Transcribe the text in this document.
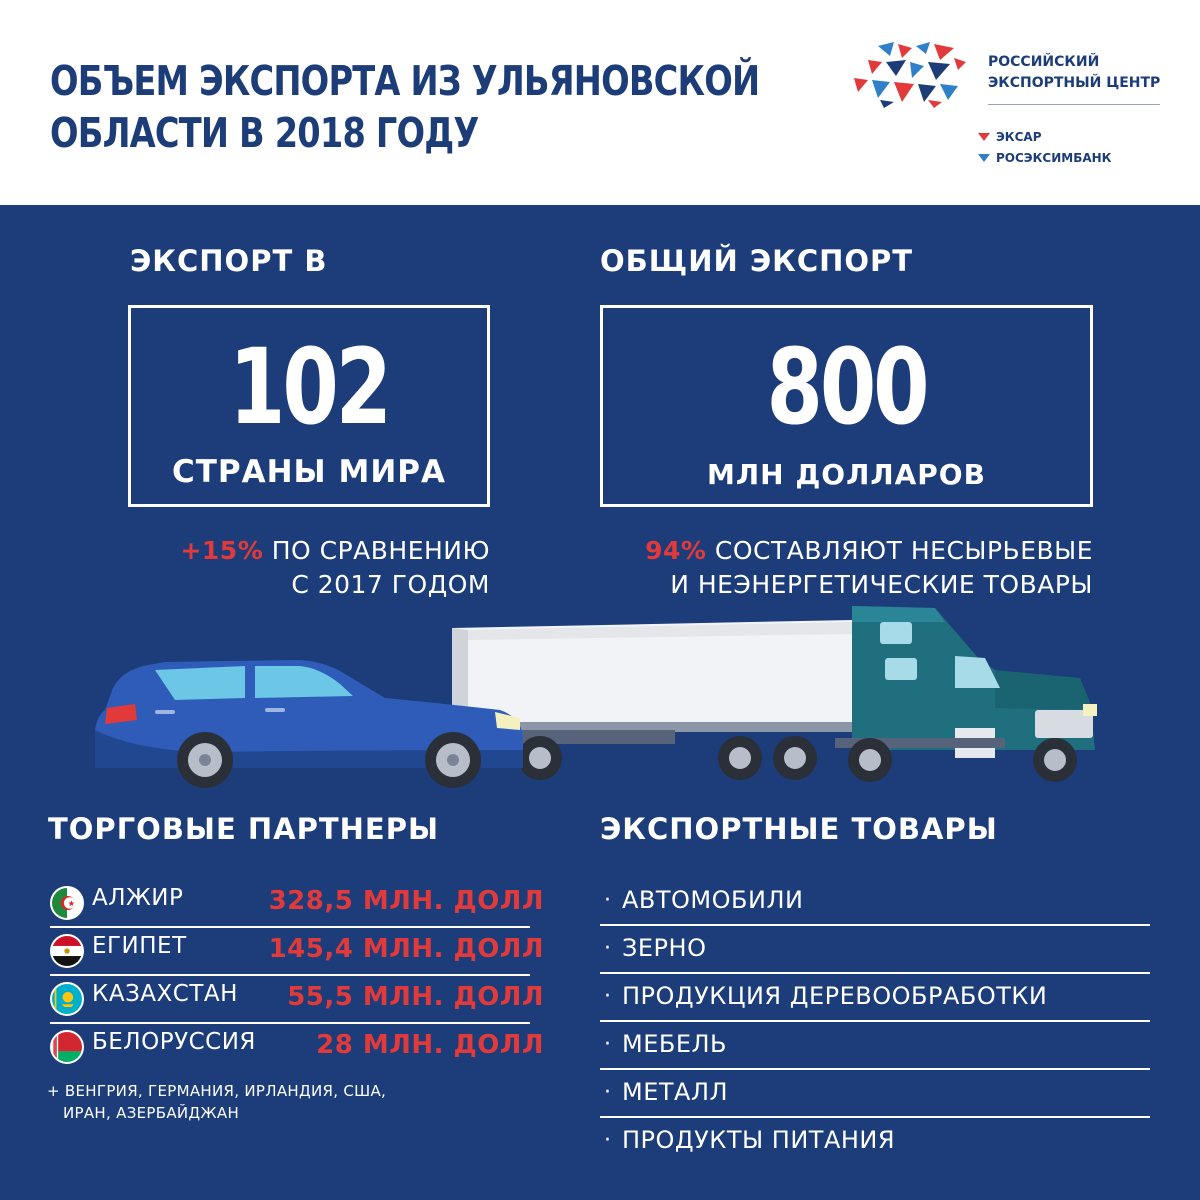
ОБЪЕМ ЭКСПОРТА ИЗ УЛЬЯНОВСКОЙ
ОБЛАСТИ В 2018 ГОДУ
РОССИЙСКИЙ
ЭКСПОРТНЫЙ ЦЕНТР
ЭКСАР
РОСЭКСИМБАНК
ЭКСПОРТ В
102
СТРАНЫ МИРА
+15% ПО СРАВНЕНИЮ
С 2017 ГОДОМ
ОБЩИЙ ЭКСПОРТ
800
МЛН ДОЛЛАРОВ
94% СОСТАВЛЯЮТ НЕСЫРЬЕВЫЕ
И НЕЭНЕРГЕТИЧЕСКИЕ ТОВАРЫ
ТОРГОВЫЕ ПАРТНЕРЫ
АЛЖИР	328,5 МЛН. ДОЛЛ
ЕГИПЕТ	145,4 МЛН. ДОЛЛ
КАЗАХСТАН 55,5 МЛН. ДОЛЛ
БЕЛОРУССИЯ 28 МЛН. ДОЛЛ
+ ВЕНГРИЯ, ГЕРМАНИЯ, ИРЛАНДИЯ, США,
ИРАН, АЗЕРБАЙДЖАН
ЭКСПОРТНЫЕ ТОВАРЫ
· АВТОМОБИЛИ
· ЗЕРНО
· ПРОДУКЦИЯ ДЕРЕВООБРАБОТКИ
· МЕБЕЛЬ
· МЕТАЛЛ
· ПРОДУКТЫ ПИТАНИЯ
